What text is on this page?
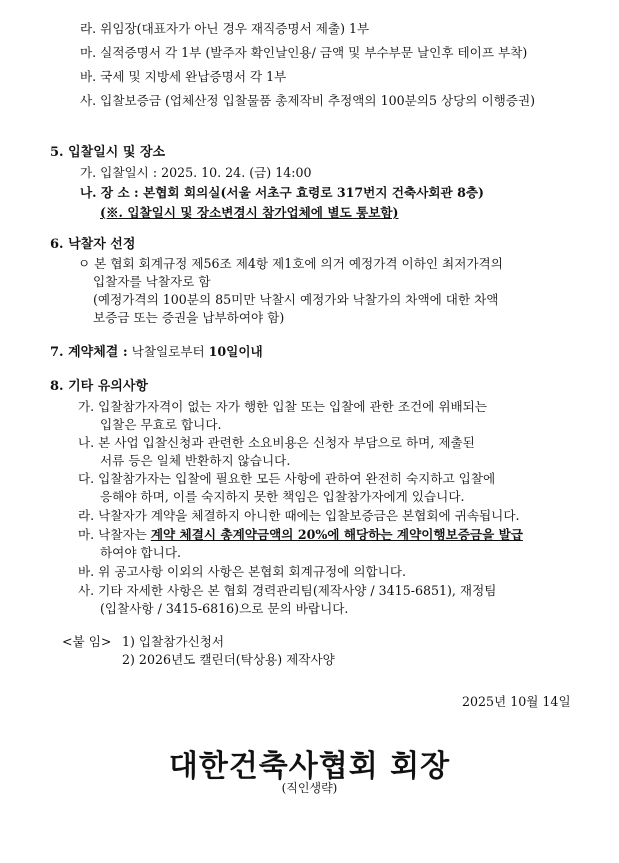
라. 위임장(대표자가 아닌 경우 재직증명서 제출) 1부
마. 실적증명서 각 1부 (발주자 확인날인용/ 금액 및 부수부문 날인후 테이프 부착)
바. 국세 및 지방세 완납증명서 각 1부
사. 입찰보증금 (업체산정 입찰물품 총제작비 추정액의 100분의5 상당의 이행증권)
5. 입찰일시 및 장소
가. 입찰일시 : 2025. 10. 24. (금) 14:00
나. 장 소 : 본협회 회의실(서울 서초구 효령로 317번지 건축사회관 8층)
(※. 입찰일시 및 장소변경시 참가업체에 별도 통보함)
6. 낙찰자 선정
ㅇ 본 협회 회계규정 제56조 제4항 제1호에 의거 예정가격 이하인 최저가격의
입찰자를 낙찰자로 함
(예정가격의 100분의 85미만 낙찰시 예정가와 낙찰가의 차액에 대한 차액
보증금 또는 증권을 납부하여야 함)
7. 계약체결 : 낙찰일로부터 10일이내
8. 기타 유의사항
가. 입찰참가자격이 없는 자가 행한 입찰 또는 입찰에 관한 조건에 위배되는
입찰은 무효로 합니다.
나. 본 사업 입찰신청과 관련한 소요비용은 신청자 부담으로 하며, 제출된
서류 등은 일체 반환하지 않습니다.
다. 입찰참가자는 입찰에 필요한 모든 사항에 관하여 완전히 숙지하고 입찰에
응해야 하며, 이를 숙지하지 못한 책임은 입찰참가자에게 있습니다.
라. 낙찰자가 계약을 체결하지 아니한 때에는 입찰보증금은 본협회에 귀속됩니다.
마. 낙찰자는 계약 체결시 총계약금액의 20%에 해당하는 계약이행보증금을 발급
하여야 합니다.
바. 위 공고사항 이외의 사항은 본협회 회계규정에 의합니다.
사. 기타 자세한 사항은 본 협회 경력관리팀(제작사양 / 3415-6851), 재정팀
(입찰사항 / 3415-6816)으로 문의 바랍니다.
<붙 임> 1) 입찰참가신청서
2) 2026년도 캘린더(탁상용) 제작사양
2025년 10월 14일
대한건축사협회 회장
(직인생략)
